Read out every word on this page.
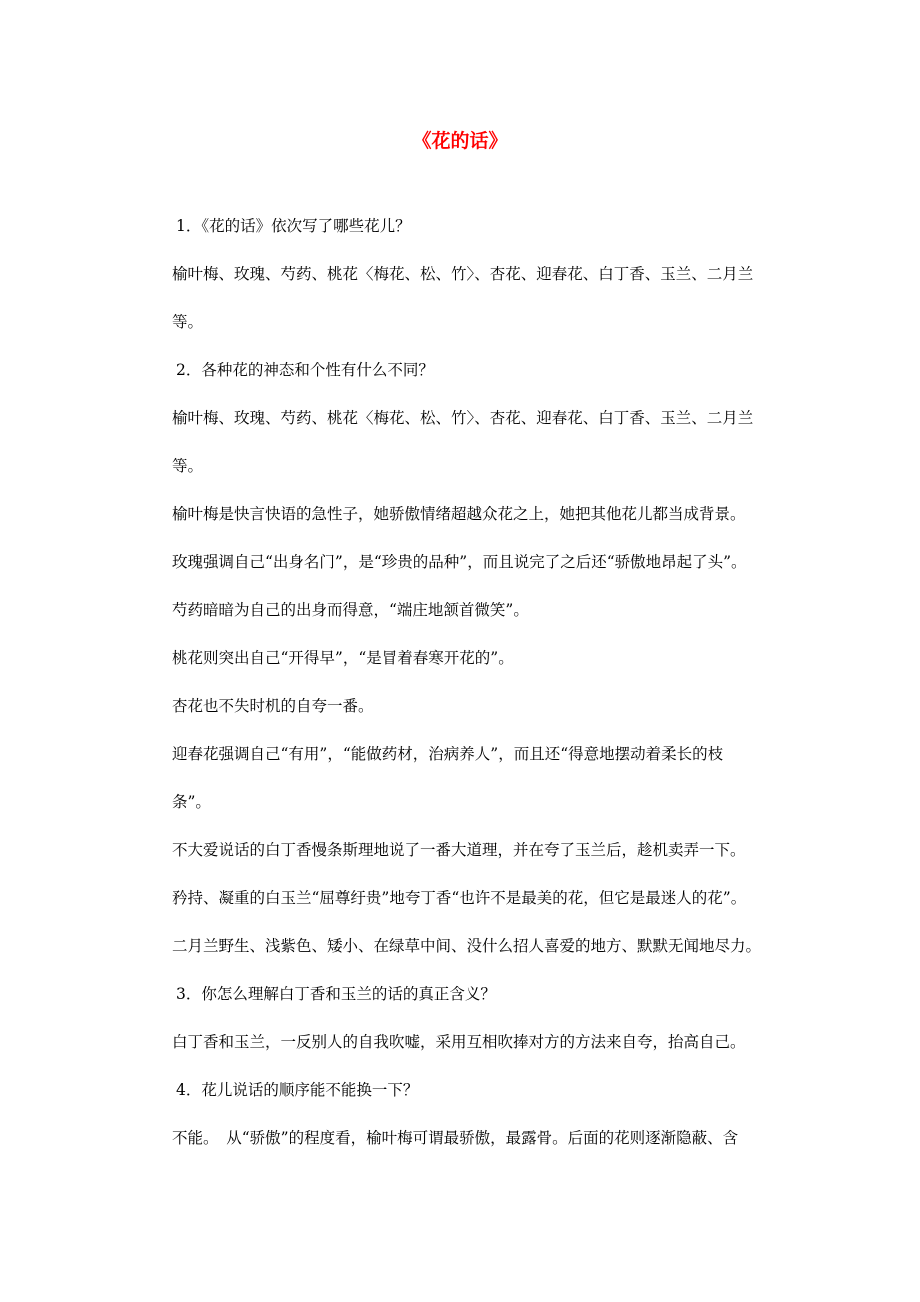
《花的话》
1．《花的话》依次写了哪些花儿？
榆叶梅、玫瑰、芍药、桃花〈梅花、松、竹〉、杏花、迎春花、白丁香、玉兰、二月兰
等。
2．各种花的神态和个性有什么不同？
榆叶梅、玫瑰、芍药、桃花〈梅花、松、竹〉、杏花、迎春花、白丁香、玉兰、二月兰
等。
榆叶梅是快言快语的急性子，她骄傲情绪超越众花之上，她把其他花儿都当成背景。
玫瑰强调自己“出身名门”，是“珍贵的品种”，而且说完了之后还“骄傲地昂起了头”。
芍药暗暗为自己的出身而得意，“端庄地颔首微笑”。
桃花则突出自己“开得早”，“是冒着春寒开花的”。
杏花也不失时机的自夸一番。
迎春花强调自己“有用”，“能做药材，治病养人”，而且还“得意地摆动着柔长的枝
条”。
不大爱说话的白丁香慢条斯理地说了一番大道理，并在夸了玉兰后，趁机卖弄一下。
矜持、凝重的白玉兰“屈尊纡贵”地夸丁香“也许不是最美的花，但它是最迷人的花”。
二月兰野生、浅紫色、矮小、在绿草中间、没什么招人喜爱的地方、默默无闻地尽力。
3．你怎么理解白丁香和玉兰的话的真正含义？
白丁香和玉兰，一反别人的自我吹嘘，采用互相吹捧对方的方法来自夸，抬高自己。
4．花儿说话的顺序能不能换一下？
不能。　从“骄傲”的程度看，榆叶梅可谓最骄傲，最露骨。后面的花则逐渐隐蔽、含
